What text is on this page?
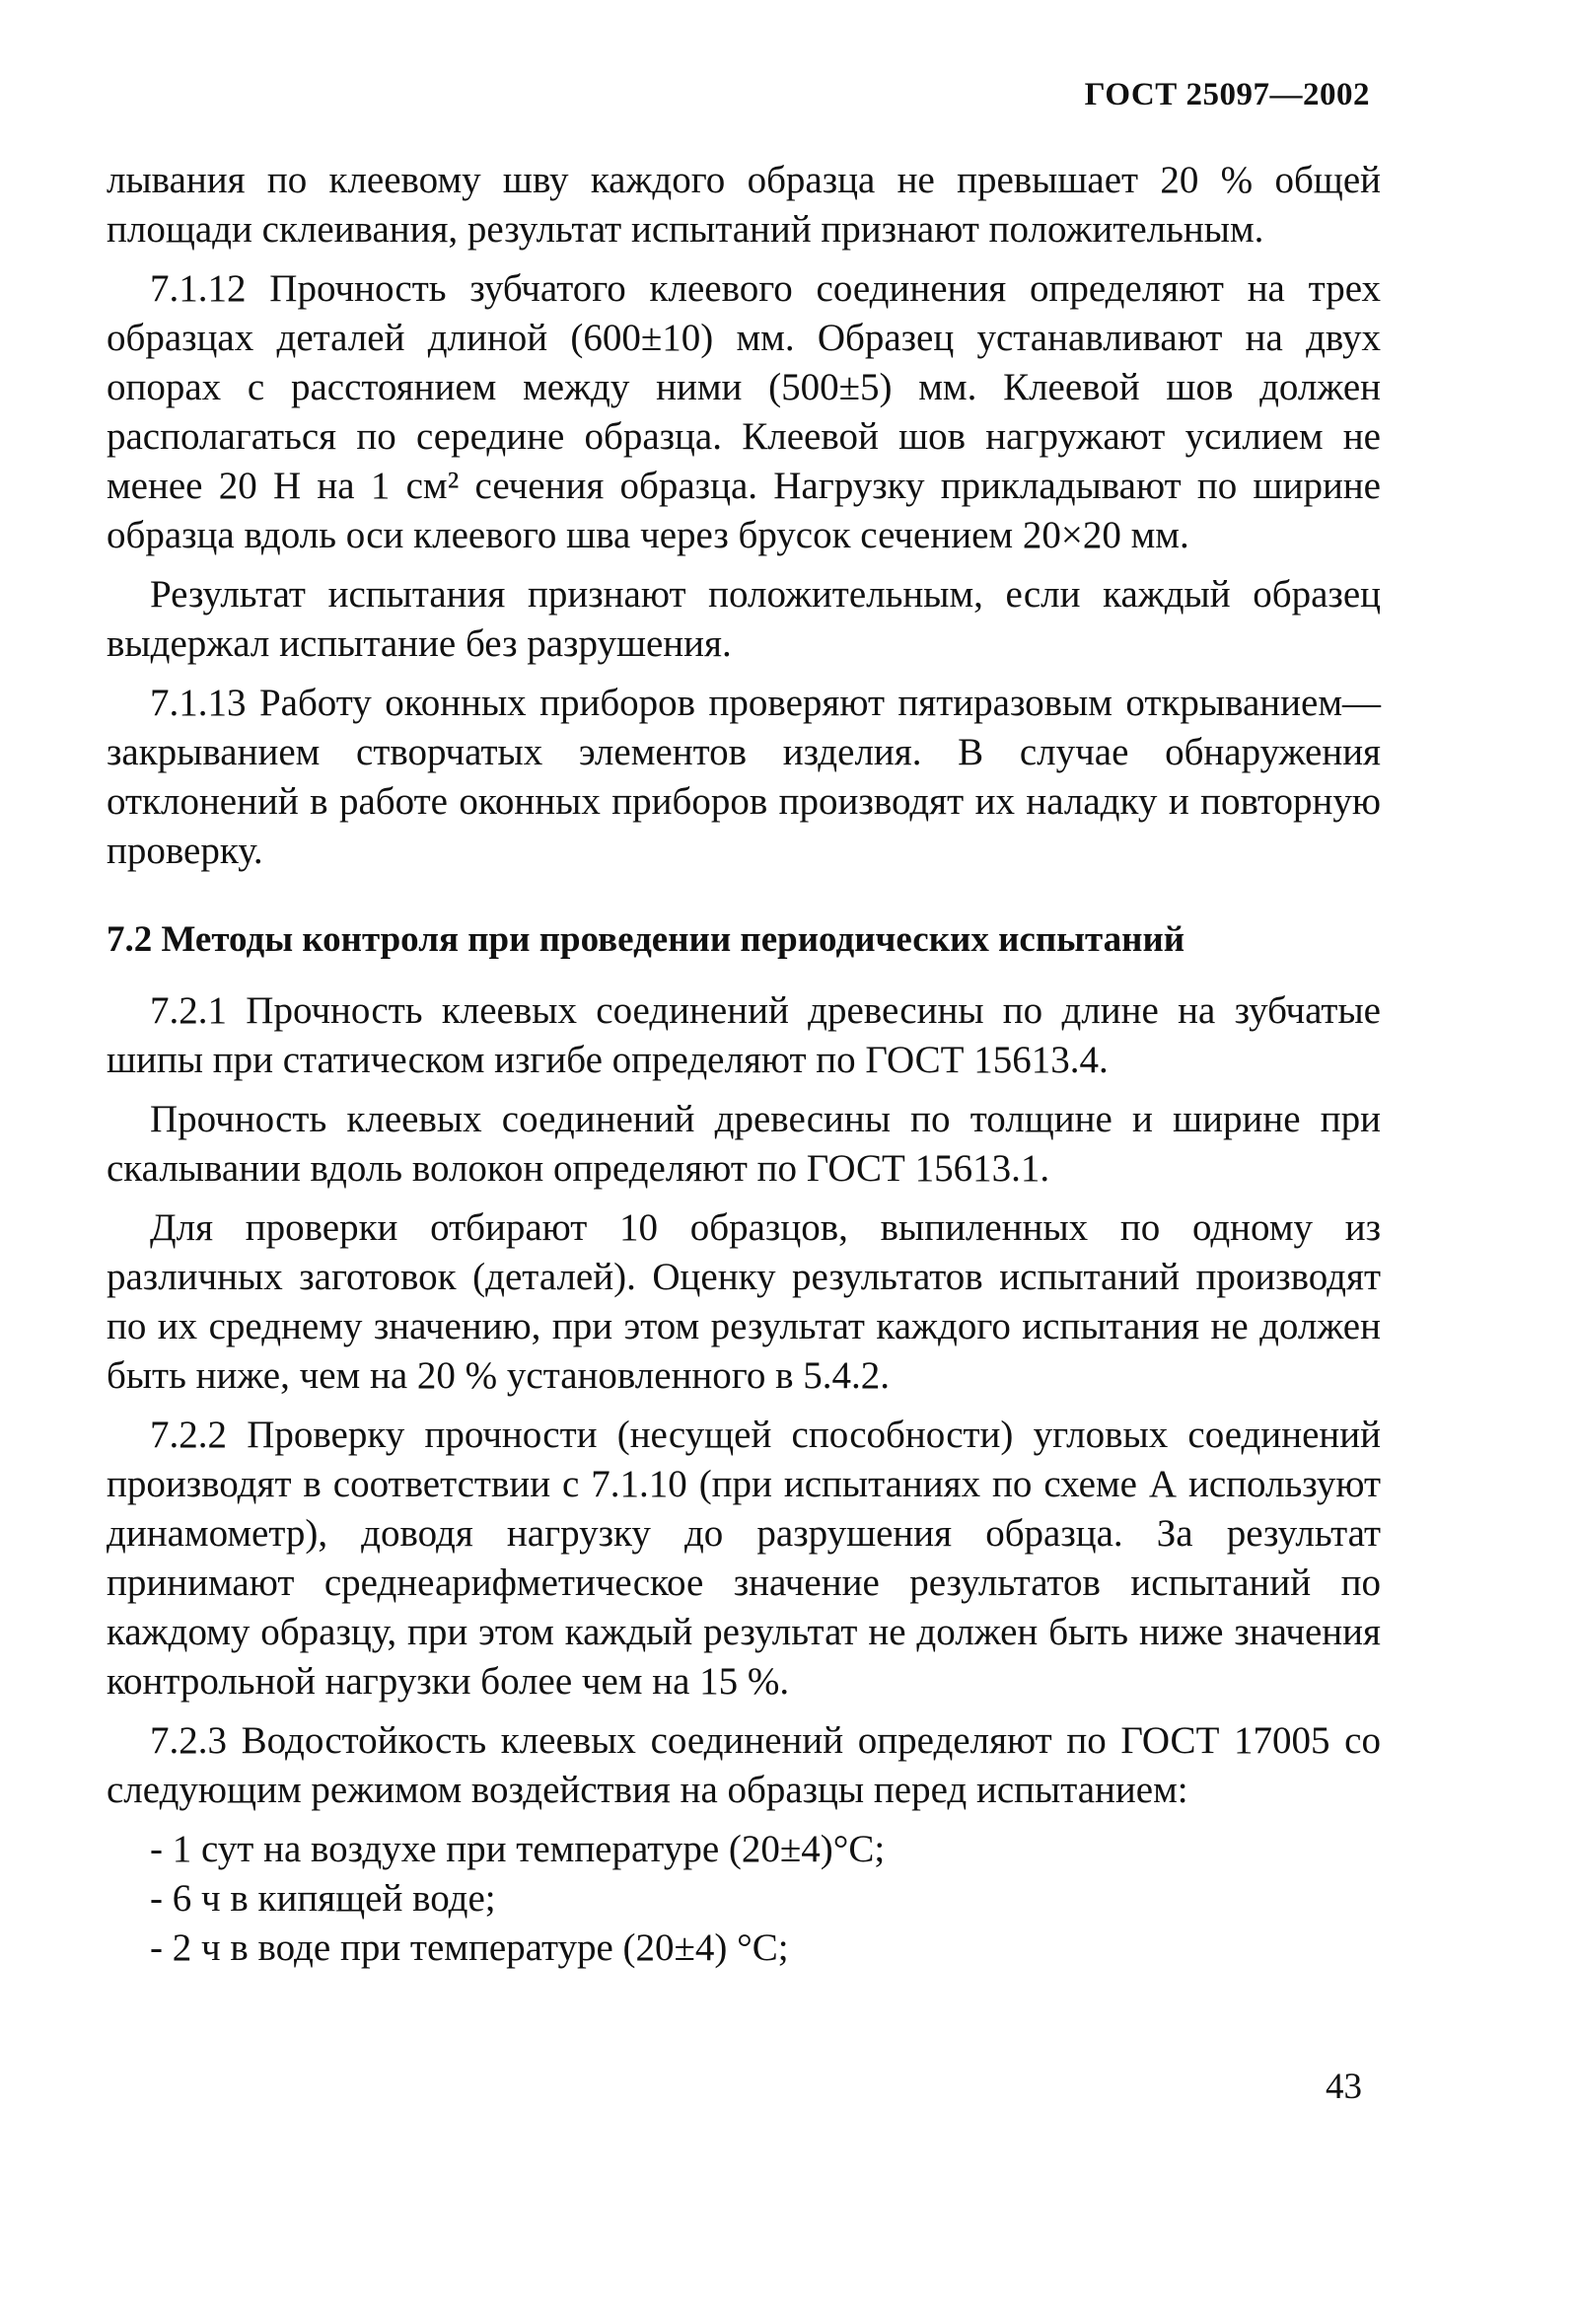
ГОСТ 25097—2002

лывания по клеевому шву каждого образца не превышает 20 % общей площади склеивания, результат испытаний признают положительным.

7.1.12 Прочность зубчатого клеевого соединения определяют на трех образцах деталей длиной (600±10) мм. Образец устанавливают на двух опорах с расстоянием между ними (500±5) мм. Клеевой шов должен располагаться по середине образца. Клеевой шов нагружают усилием не менее 20 Н на 1 см² сечения образца. Нагрузку прикладывают по ширине образца вдоль оси клеевого шва через брусок сечением 20×20 мм.

Результат испытания признают положительным, если каждый образец выдержал испытание без разрушения.

7.1.13 Работу оконных приборов проверяют пятиразовым открыванием—закрыванием створчатых элементов изделия. В случае обнаружения отклонений в работе оконных приборов производят их наладку и повторную проверку.

7.2 Методы контроля при проведении периодических испытаний

7.2.1 Прочность клеевых соединений древесины по длине на зубчатые шипы при статическом изгибе определяют по ГОСТ 15613.4.

Прочность клеевых соединений древесины по толщине и ширине при скалывании вдоль волокон определяют по ГОСТ 15613.1.

Для проверки отбирают 10 образцов, выпиленных по одному из различных заготовок (деталей). Оценку результатов испытаний производят по их среднему значению, при этом результат каждого испытания не должен быть ниже, чем на 20 % установленного в 5.4.2.

7.2.2 Проверку прочности (несущей способности) угловых соединений производят в соответствии с 7.1.10 (при испытаниях по схеме А используют динамометр), доводя нагрузку до разрушения образца. За результат принимают среднеарифметическое значение результатов испытаний по каждому образцу, при этом каждый результат не должен быть ниже значения контрольной нагрузки более чем на 15 %.

7.2.3 Водостойкость клеевых соединений определяют по ГОСТ 17005 со следующим режимом воздействия на образцы перед испытанием:

- 1 сут на воздухе при температуре (20±4)°С;

- 6 ч в кипящей воде;

- 2 ч в воде при температуре (20±4) °С;

43
